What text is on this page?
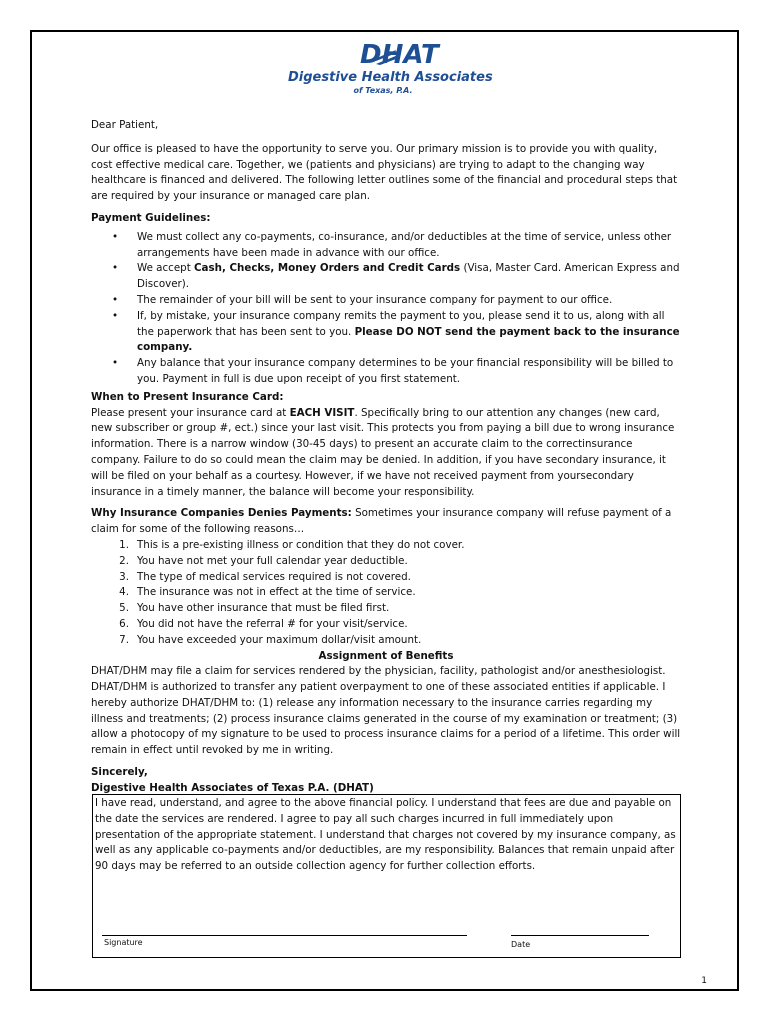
DHAT
Digestive Health Associates
of Texas, P.A.

Dear Patient,

Our office is pleased to have the opportunity to serve you. Our primary mission is to provide you with quality, cost effective medical care. Together, we (patients and physicians) are trying to adapt to the changing way healthcare is financed and delivered. The following letter outlines some of the financial and procedural steps that are required by your insurance or managed care plan.

Payment Guidelines:

• We must collect any co-payments, co-insurance, and/or deductibles at the time of service, unless other arrangements have been made in advance with our office.
• We accept Cash, Checks, Money Orders and Credit Cards (Visa, Master Card. American Express and Discover).
• The remainder of your bill will be sent to your insurance company for payment to our office.
• If, by mistake, your insurance company remits the payment to you, please send it to us, along with all the paperwork that has been sent to you. Please DO NOT send the payment back to the insurance company.
• Any balance that your insurance company determines to be your financial responsibility will be billed to you. Payment in full is due upon receipt of you first statement.

When to Present Insurance Card:

Please present your insurance card at EACH VISIT. Specifically bring to our attention any changes (new card, new subscriber or group #, ect.) since your last visit. This protects you from paying a bill due to wrong insurance information. There is a narrow window (30-45 days) to present an accurate claim to the correctinsurance company. Failure to do so could mean the claim may be denied. In addition, if you have secondary insurance, it will be filed on your behalf as a courtesy. However, if we have not received payment from yoursecondary insurance in a timely manner, the balance will become your responsibility.

Why Insurance Companies Denies Payments: Sometimes your insurance company will refuse payment of a claim for some of the following reasons…

1. This is a pre-existing illness or condition that they do not cover.
2. You have not met your full calendar year deductible.
3. The type of medical services required is not covered.
4. The insurance was not in effect at the time of service.
5. You have other insurance that must be filed first.
6. You did not have the referral # for your visit/service.
7. You have exceeded your maximum dollar/visit amount.

Assignment of Benefits

DHAT/DHM may file a claim for services rendered by the physician, facility, pathologist and/or anesthesiologist. DHAT/DHM is authorized to transfer any patient overpayment to one of these associated entities if applicable. I hereby authorize DHAT/DHM to: (1) release any information necessary to the insurance carries regarding my illness and treatments; (2) process insurance claims generated in the course of my examination or treatment; (3) allow a photocopy of my signature to be used to process insurance claims for a period of a lifetime. This order will remain in effect until revoked by me in writing.

Sincerely,

Digestive Health Associates of Texas P.A. (DHAT)

I have read, understand, and agree to the above financial policy. I understand that fees are due and payable on the date the services are rendered. I agree to pay all such charges incurred in full immediately upon presentation of the appropriate statement. I understand that charges not covered by my insurance company, as well as any applicable co-payments and/or deductibles, are my responsibility. Balances that remain unpaid after 90 days may be referred to an outside collection agency for further collection efforts.

Signature	Date
1
